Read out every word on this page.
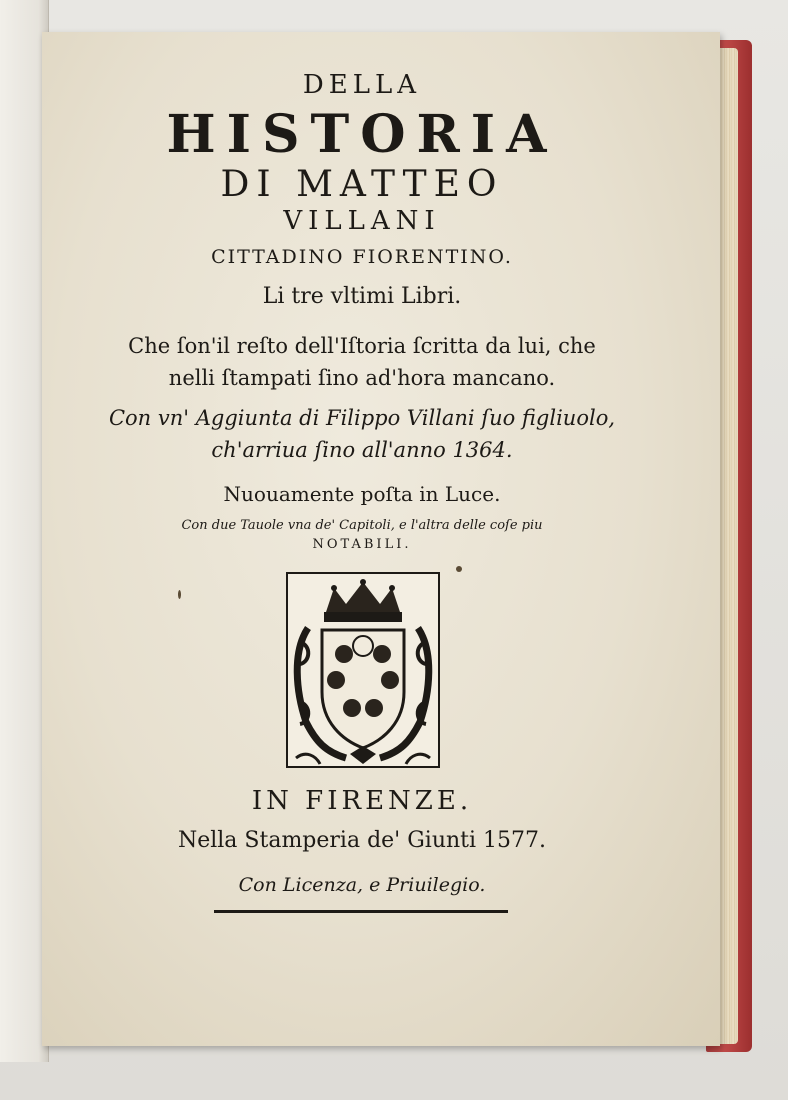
DELLA
HISTORIA
DI MATTEO
VILLANI
CITTADINO FIORENTINO.
Li tre vltimi Libri.
Che ſon'il reſto dell'Iſtoria ſcritta da lui, che
nelli ſtampati ſino ad'hora mancano.
Con vn' Aggiunta di Filippo Villani ſuo figliuolo,
ch'arriua ſino all'anno 1364.
Nuouamente poſta in Luce.
Con due Tauole vna de' Capitoli, e l'altra delle coſe piu
NOTABILI.
IN FIRENZE.
Nella Stamperia de' Giunti 1577.
Con Licenza, e Priuilegio.
